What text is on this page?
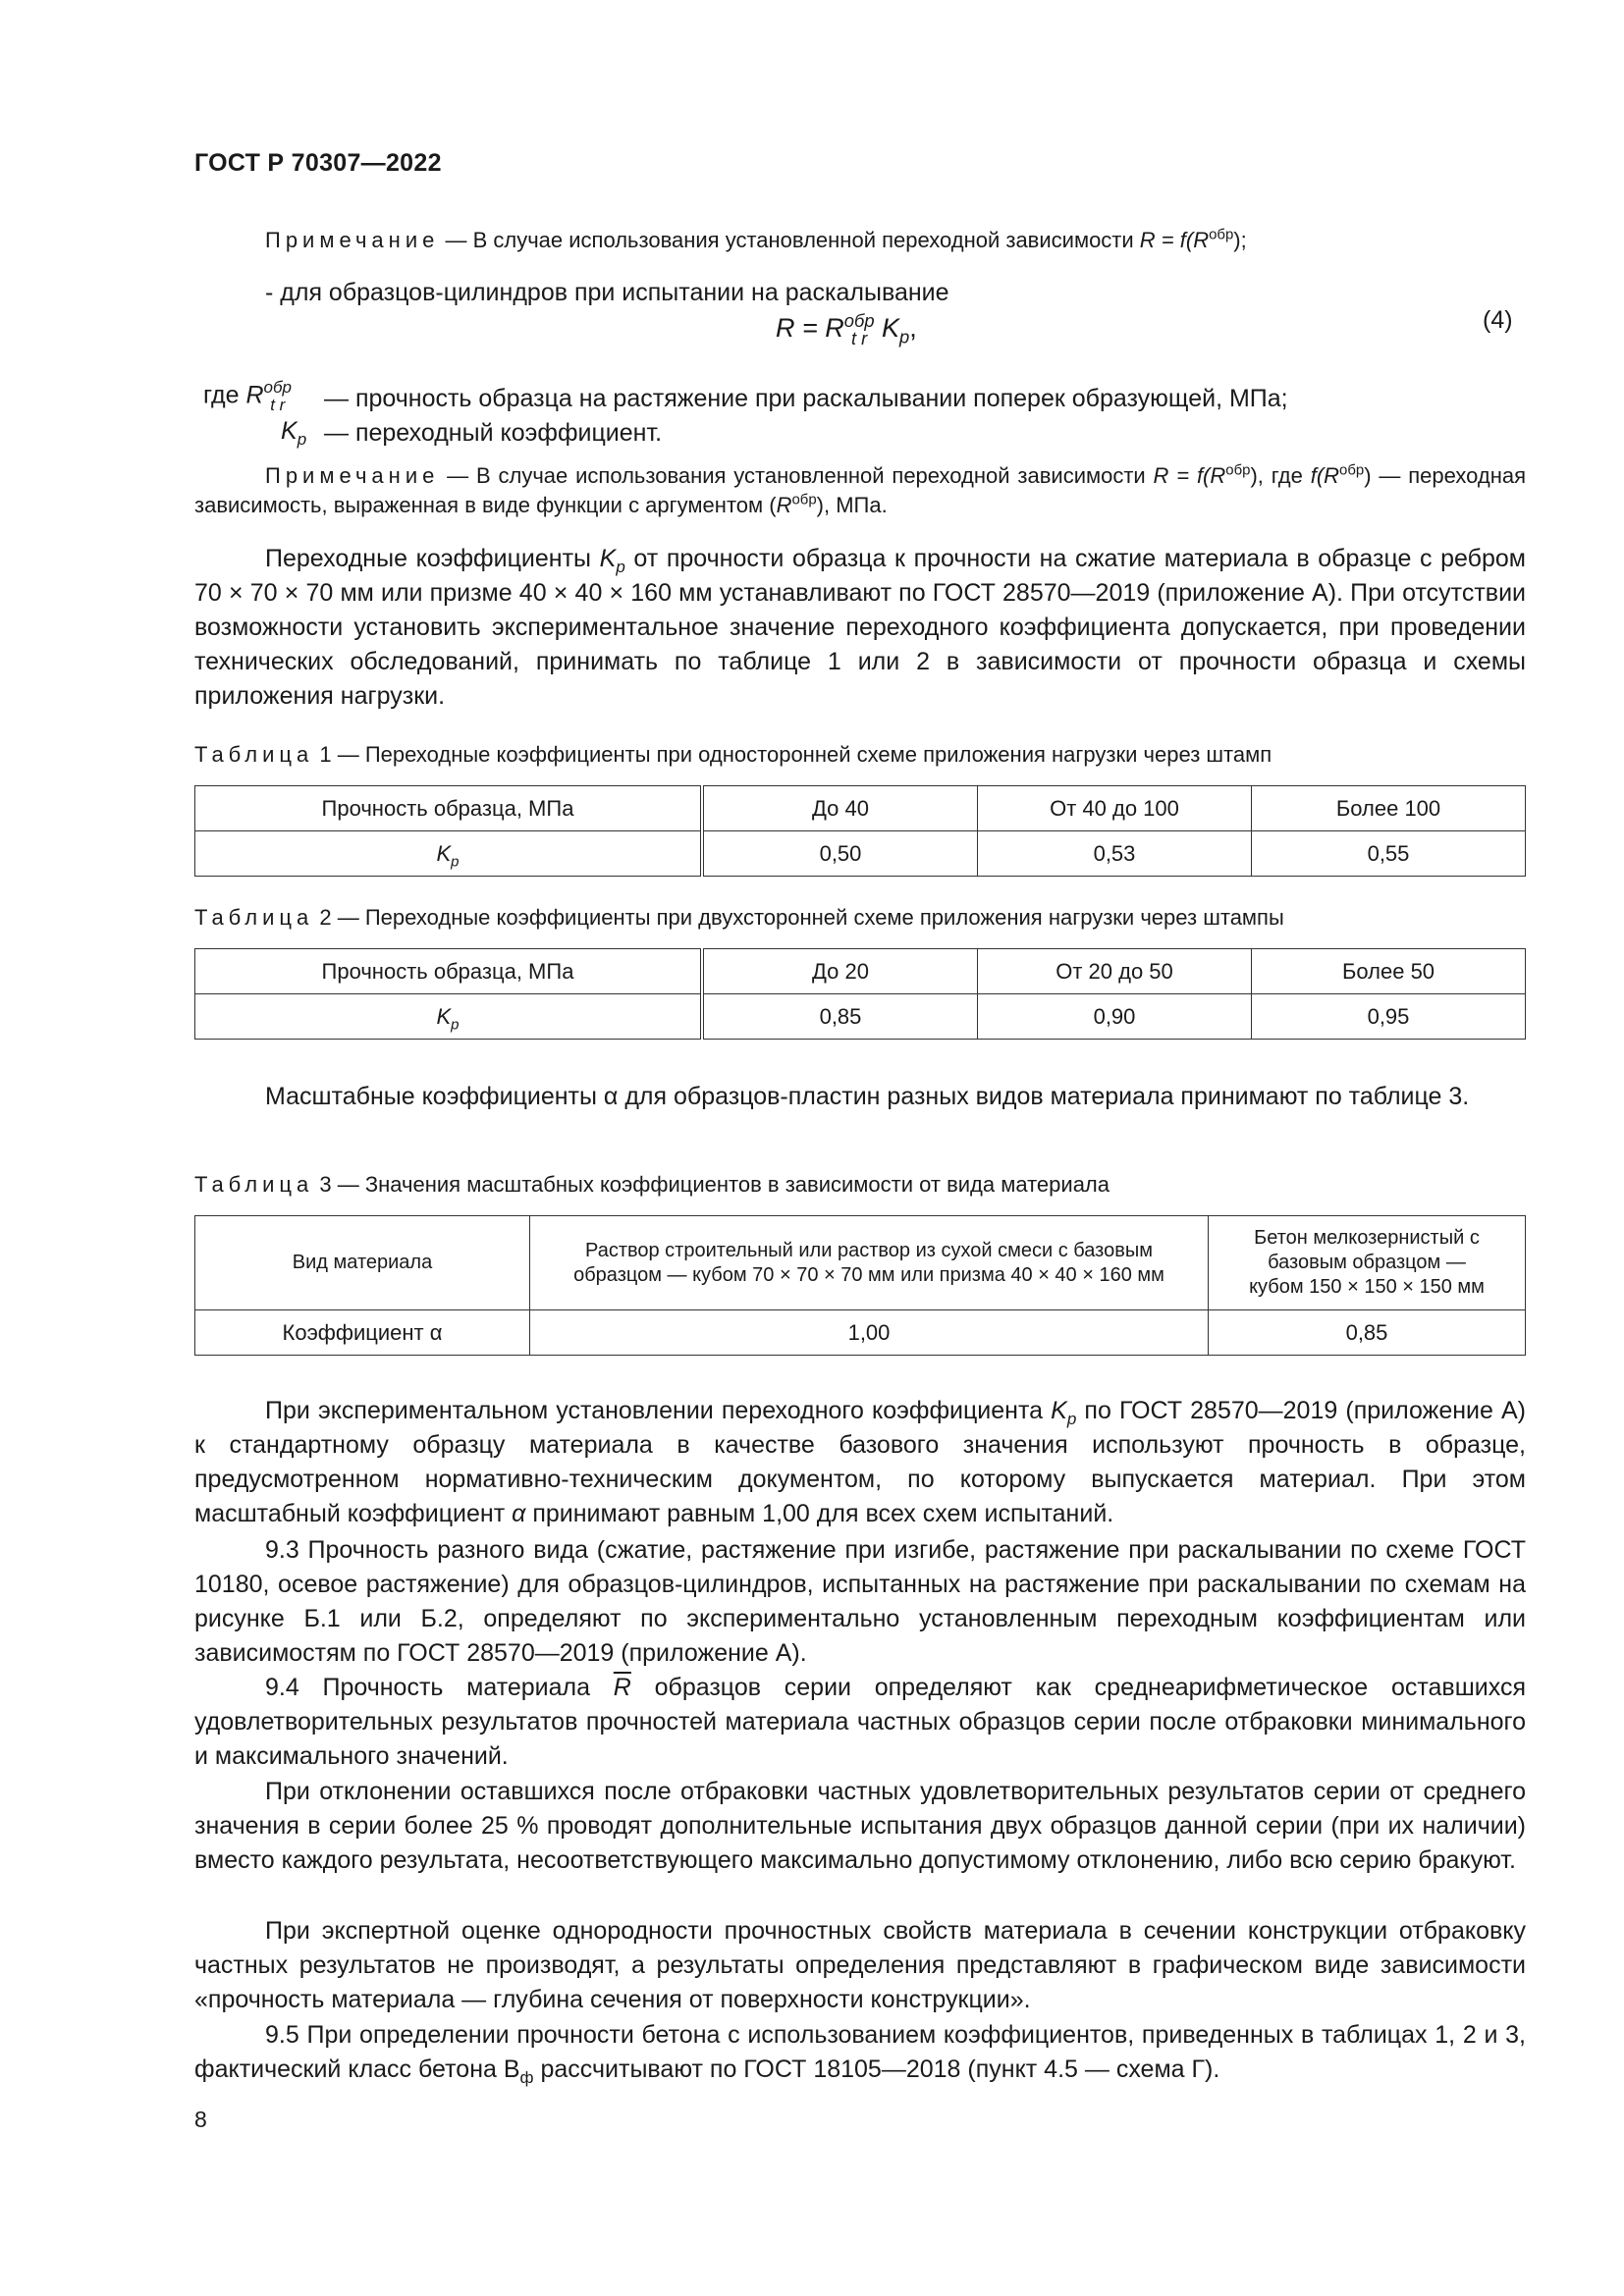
ГОСТ Р 70307—2022
Примечание — В случае использования установленной переходной зависимости $R = f(R^{обр})$;
- для образцов-цилиндров при испытании на раскалывание
R = R обр
t r $K_p$,	(4)
где R обр
t r — прочность образца на растяжение при раскалывании поперек образующей, МПа;
$K_p$ — переходный коэффициент.
Примечание — В случае использования установленной переходной зависимости $R = f(R^{обр})$, где $f(R^{обр})$ — переходная зависимость, выраженная в виде функции с аргументом $(R^{обр})$, МПа.
Переходные коэффициенты $K_p$ от прочности образца к прочности на сжатие материала в образце с ребром 70 × 70 × 70 мм или призме 40 × 40 × 160 мм устанавливают по ГОСТ 28570—2019 (приложение А). При отсутствии возможности установить экспериментальное значение переходного коэффициента допускается, при проведении технических обследований, принимать по таблице 1 или 2 в зависимости от прочности образца и схемы приложения нагрузки.
Таблица 1 — Переходные коэффициенты при односторонней схеме приложения нагрузки через штамп
Прочность образца, МПа	До 40	От 40 до 100	Более 100
$K_p$	0,50	0,53	0,55
Таблица 2 — Переходные коэффициенты при двухсторонней схеме приложения нагрузки через штампы
Прочность образца, МПа	До 20	От 20 до 50	Более 50
$K_p$	0,85	0,90	0,95
Масштабные коэффициенты α для образцов-пластин разных видов материала принимают по таблице 3.
Таблица 3 — Значения масштабных коэффициентов в зависимости от вида материала
Вид материала	Раствор строительный или раствор из сухой смеси с базовым образцом — кубом 70 × 70 × 70 мм или призма 40 × 40 × 160 мм	Бетон мелкозернистый с базовым образцом — кубом 150 × 150 × 150 мм
Коэффициент α	1,00	0,85
При экспериментальном установлении переходного коэффициента $K_p$ по ГОСТ 28570—2019 (приложение А) к стандартному образцу материала в качестве базового значения используют прочность в образце, предусмотренном нормативно-техническим документом, по которому выпускается материал. При этом масштабный коэффициент α принимают равным 1,00 для всех схем испытаний.
9.3 Прочность разного вида (сжатие, растяжение при изгибе, растяжение при раскалывании по схеме ГОСТ 10180, осевое растяжение) для образцов-цилиндров, испытанных на растяжение при раскалывании по схемам на рисунке Б.1 или Б.2, определяют по экспериментально установленным переходным коэффициентам или зависимостям по ГОСТ 28570—2019 (приложение А).
9.4 Прочность материала $\overline{R}$ образцов серии определяют как среднеарифметическое оставшихся удовлетворительных результатов прочностей материала частных образцов серии после отбраковки минимального и максимального значений.
При отклонении оставшихся после отбраковки частных удовлетворительных результатов серии от среднего значения в серии более 25 % проводят дополнительные испытания двух образцов данной серии (при их наличии) вместо каждого результата, несоответствующего максимально допустимому отклонению, либо всю серию бракуют.
При экспертной оценке однородности прочностных свойств материала в сечении конструкции отбраковку частных результатов не производят, а результаты определения представляют в графическом виде зависимости «прочность материала — глубина сечения от поверхности конструкции».
9.5 При определении прочности бетона с использованием коэффициентов, приведенных в таблицах 1, 2 и 3, фактический класс бетона $В_ф$ рассчитывают по ГОСТ 18105—2018 (пункт 4.5 — схема Г).
8
